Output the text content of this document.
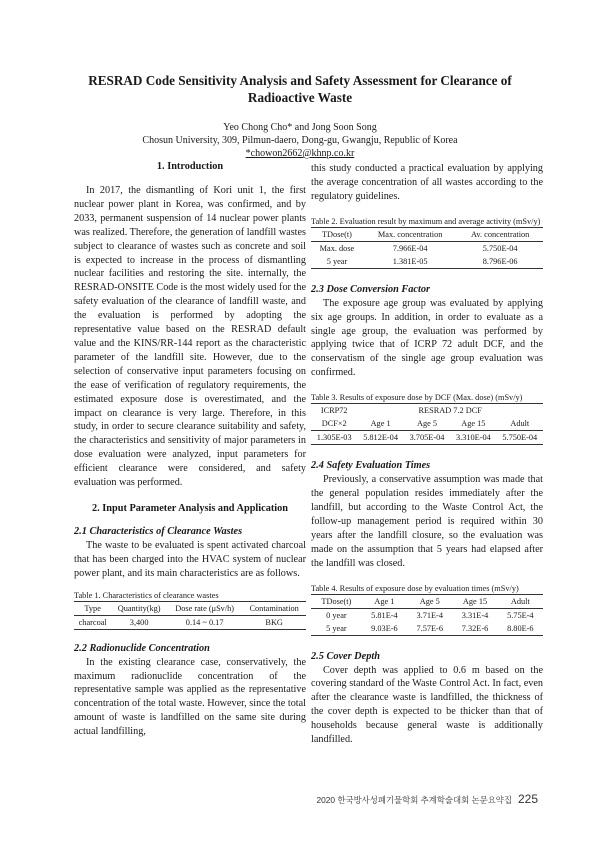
RESRAD Code Sensitivity Analysis and Safety Assessment for Clearance of Radioactive Waste
Yeo Chong Cho* and Jong Soon Song
Chosun University, 309, Pilmun-daero, Dong-gu, Gwangju, Republic of Korea
*chowon2662@khnp.co.kr
1. Introduction

In 2017, the dismantling of Kori unit 1, the first nuclear power plant in Korea, was confirmed, and by 2033, permanent suspension of 14 nuclear power plants was realized. Therefore, the generation of landfill wastes subject to clearance of wastes such as concrete and soil is expected to increase in the process of dismantling nuclear facilities and restoring the site. internally, the RESRAD-ONSITE Code is the most widely used for the safety evaluation of the clearance of landfill waste, and the evaluation is performed by adopting the representative value based on the RESRAD default value and the KINS/RR-144 report as the characteristic parameter of the landfill site. However, due to the selection of conservative input parameters focusing on the ease of verification of regulatory requirements, the estimated exposure dose is overestimated, and the impact on clearance is very large. Therefore, in this study, in order to secure clearance suitability and safety, the characteristics and sensitivity of major parameters in dose evaluation were analyzed, input parameters for efficient clearance were considered, and safety evaluation was performed.

2. Input Parameter Analysis and Application
2.1 Characteristics of Clearance Wastes

The waste to be evaluated is spent activated charcoal that has been charged into the HVAC system of nuclear power plant, and its main characteristics are as follows.

Table 1. Characteristics of clearance wastes

Type	Quantity(kg)	Dose rate (μSv/h)	Contamination
charcoal	3,400	0.14 ~ 0.17	BKG
2.2 Radionuclide Concentration

In the existing clearance case, conservatively, the maximum radionuclide concentration of the representative sample was applied as the representative concentration of the total waste. However, since the total amount of waste is landfilled on the same site during actual landfilling,

this study conducted a practical evaluation by applying the average concentration of all wastes according to the regulatory guidelines.

Table 2. Evaluation result by maximum and average activity (mSv/y)

TDose(t)	Max. concentration	Av. concentration
Max. dose	7.966E-04	5.750E-04
5 year	1.381E-05	8.796E-06
2.3 Dose Conversion Factor

The exposure age group was evaluated by applying six age groups. In addition, in order to evaluate as a single age group, the evaluation was performed by applying twice that of ICRP 72 adult DCF, and the conservatism of the single age group evaluation was confirmed.

Table 3. Results of exposure dose by DCF (Max. dose) (mSv/y)

ICRP72	RESRAD 7.2 DCF			
DCF×2	Age 1	Age 5	Age 15	Adult
1.305E-03	5.812E-04	3.705E-04	3.310E-04	5.750E-04
2.4 Safety Evaluation Times

Previously, a conservative assumption was made that the general population resides immediately after the landfill, but according to the Waste Control Act, the follow-up management period is required within 30 years after the landfill closure, so the evaluation was made on the assumption that 5 years had elapsed after the landfill was closed.

Table 4. Results of exposure dose by evaluation times (mSv/y)

TDose(t)	Age 1	Age 5	Age 15	Adult
0 year	5.81E-4	3.71E-4	3.31E-4	5.75E-4
5 year	9.03E-6	7.57E-6	7.32E-6	8.80E-6
2.5 Cover Depth

Cover depth was applied to 0.6 m based on the covering standard of the Waste Control Act. In fact, even after the clearance waste is landfilled, the thickness of the cover depth is expected to be thicker than that of households because general waste is additionally landfilled.

2020 한국방사성폐기물학회 추계학술대회 논문요약집 225
